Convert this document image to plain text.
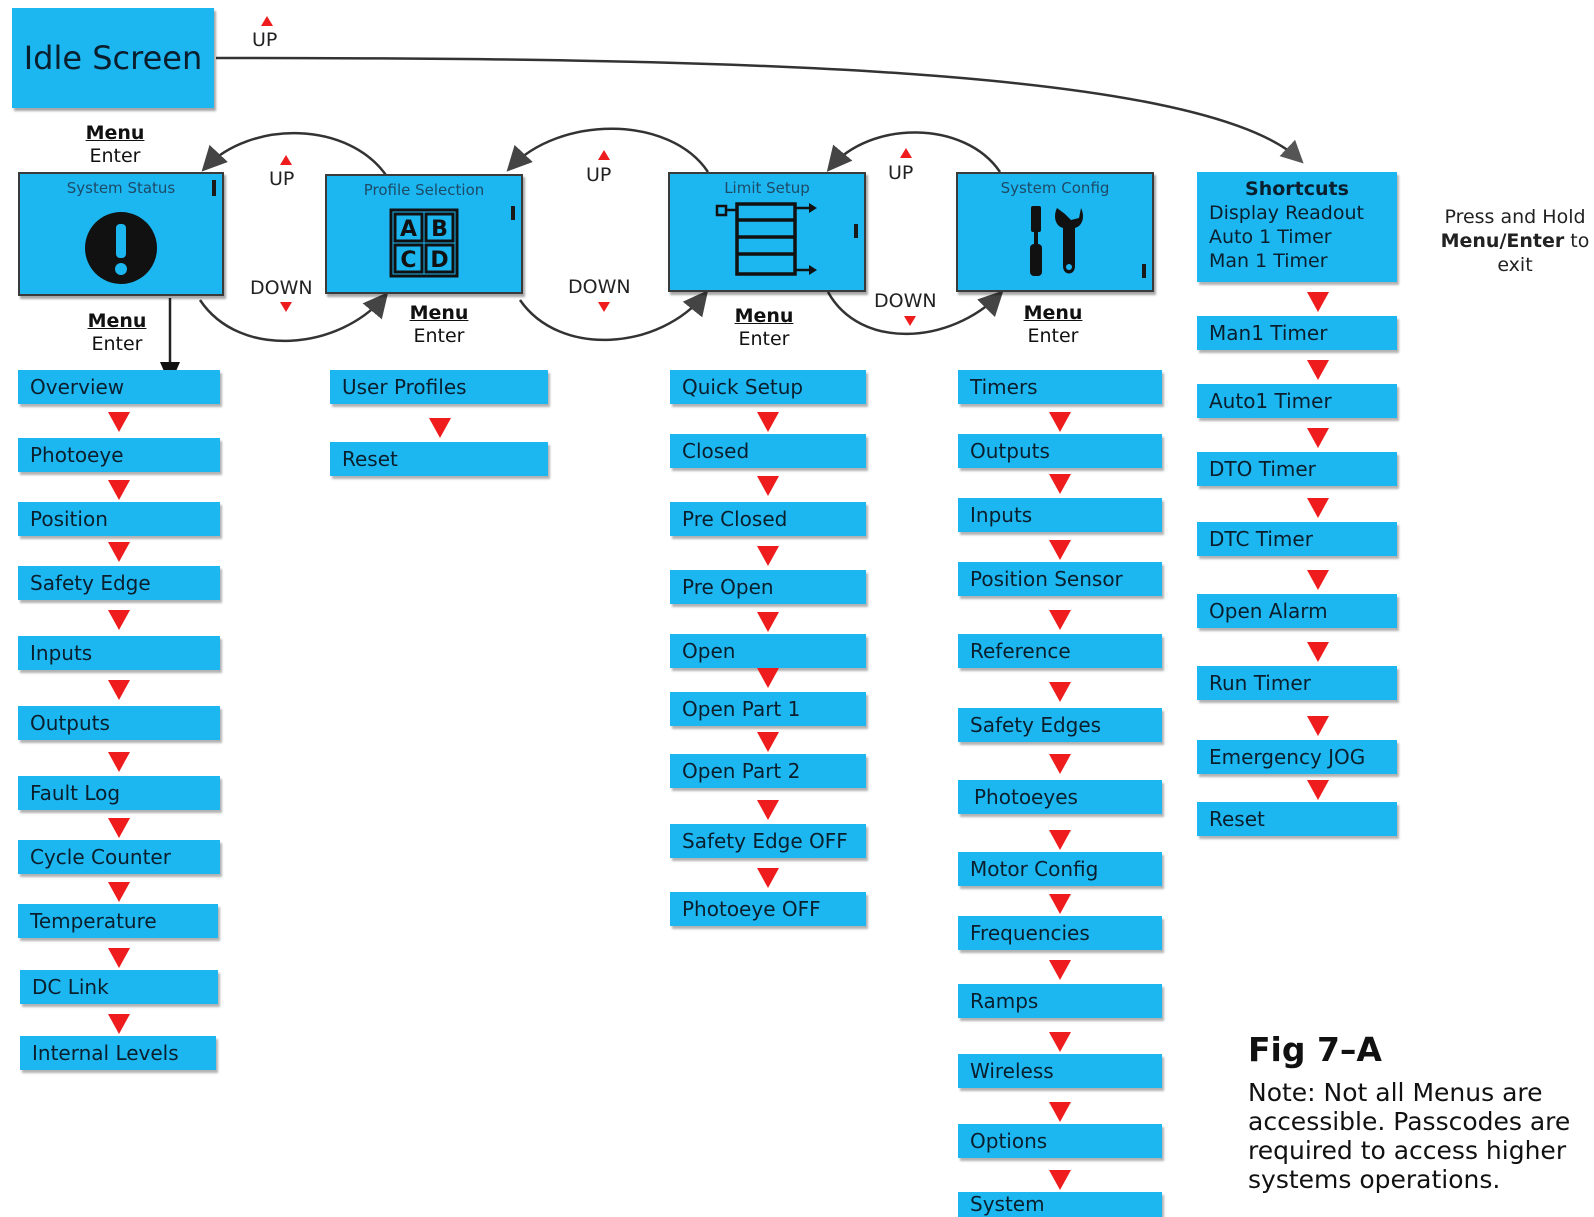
Idle Screen	UP
Menu
Enter
System Status	Profile Selection
A B
C D
Limit Setup	System Config
UP
DOWN
UP
DOWN
UP
DOWN
Menu
Enter
Menu
Enter
Menu
Enter
Menu
Enter
Overview
Photoeye
Position
Safety Edge
Inputs
Outputs
Fault Log
Cycle Counter
Temperature
DC Link
Internal Levels
User Profiles
Reset
Quick Setup
Closed
Pre Closed
Pre Open
Open
Open Part 1
Open Part 2
Safety Edge OFF
Photoeye OFF
Timers
Outputs
Inputs
Position Sensor
Reference
Safety Edges
Photoeyes
Motor Config
Frequencies
Ramps
Wireless
Options
System
Shortcuts
Display Readout
Auto 1 Timer
Man 1 Timer
Man1 Timer
Auto1 Timer
DTO Timer
DTC Timer
Open Alarm
Run Timer
Emergency JOG
Reset
Press and Hold
Menu/Enter to
exit
Fig 7–A
Note: Not all Menus are accessible. Passcodes are required to access higher systems operations.
